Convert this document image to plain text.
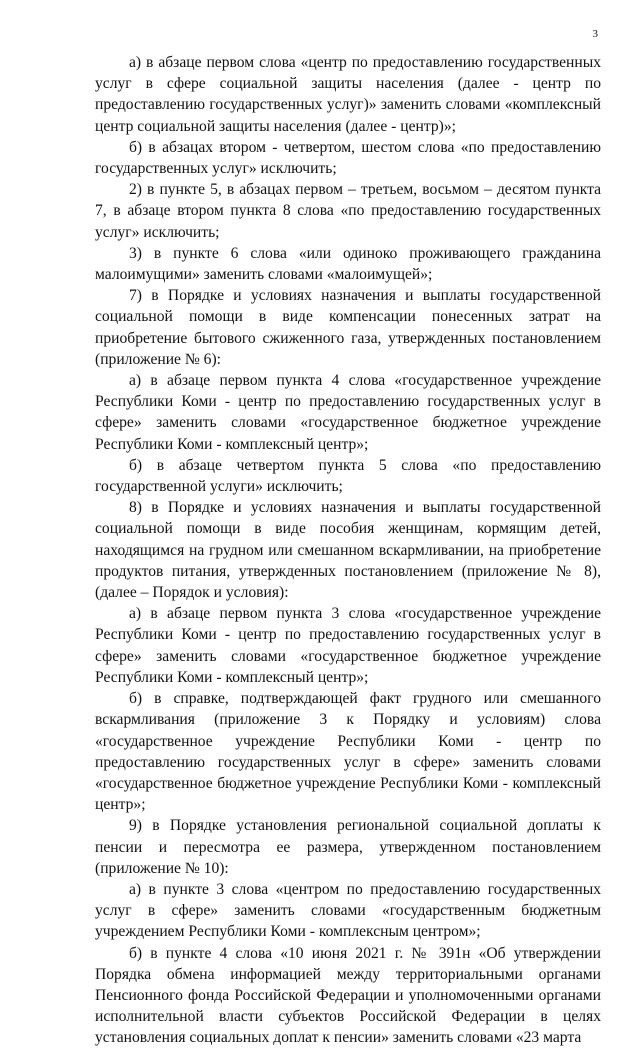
3

а) в абзаце первом слова «центр по предоставлению государственных услуг в сфере социальной защиты населения (далее - центр по предоставлению государственных услуг)» заменить словами «комплексный центр социальной защиты населения (далее - центр)»;

б) в абзацах втором - четвертом, шестом слова «по предоставлению государственных услуг» исключить;

2) в пункте 5, в абзацах первом – третьем, восьмом – десятом пункта 7, в абзаце втором пункта 8 слова «по предоставлению государственных услуг» исключить;

3) в пункте 6 слова «или одиноко проживающего гражданина малоимущими» заменить словами «малоимущей»;

7) в Порядке и условиях назначения и выплаты государственной социальной помощи в виде компенсации понесенных затрат на приобретение бытового сжиженного газа, утвержденных постановлением (приложение № 6):

а) в абзаце первом пункта 4 слова «государственное учреждение Республики Коми - центр по предоставлению государственных услуг в сфере» заменить словами «государственное бюджетное учреждение Республики Коми - комплексный центр»;

б) в абзаце четвертом пункта 5 слова «по предоставлению государственной услуги» исключить;

8) в Порядке и условиях назначения и выплаты государственной социальной помощи в виде пособия женщинам, кормящим детей, находящимся на грудном или смешанном вскармливании, на приобретение продуктов питания, утвержденных постановлением (приложение № 8), (далее – Порядок и условия):

а) в абзаце первом пункта 3 слова «государственное учреждение Республики Коми - центр по предоставлению государственных услуг в сфере» заменить словами «государственное бюджетное учреждение Республики Коми - комплексный центр»;

б) в справке, подтверждающей факт грудного или смешанного вскармливания (приложение 3 к Порядку и условиям) слова «государственное учреждение Республики Коми - центр по предоставлению государственных услуг в сфере» заменить словами «государственное бюджетное учреждение Республики Коми - комплексный центр»;

9) в Порядке установления региональной социальной доплаты к пенсии и пересмотра ее размера, утвержденном постановлением (приложение № 10):

а) в пункте 3 слова «центром по предоставлению государственных услуг в сфере» заменить словами «государственным бюджетным учреждением Республики Коми - комплексным центром»;

б) в пункте 4 слова «10 июня 2021 г. № 391н «Об утверждении Порядка обмена информацией между территориальными органами Пенсионного фонда Российской Федерации и уполномоченными органами исполнительной власти субъектов Российской Федерации в целях установления социальных доплат к пенсии» заменить словами «23 марта
